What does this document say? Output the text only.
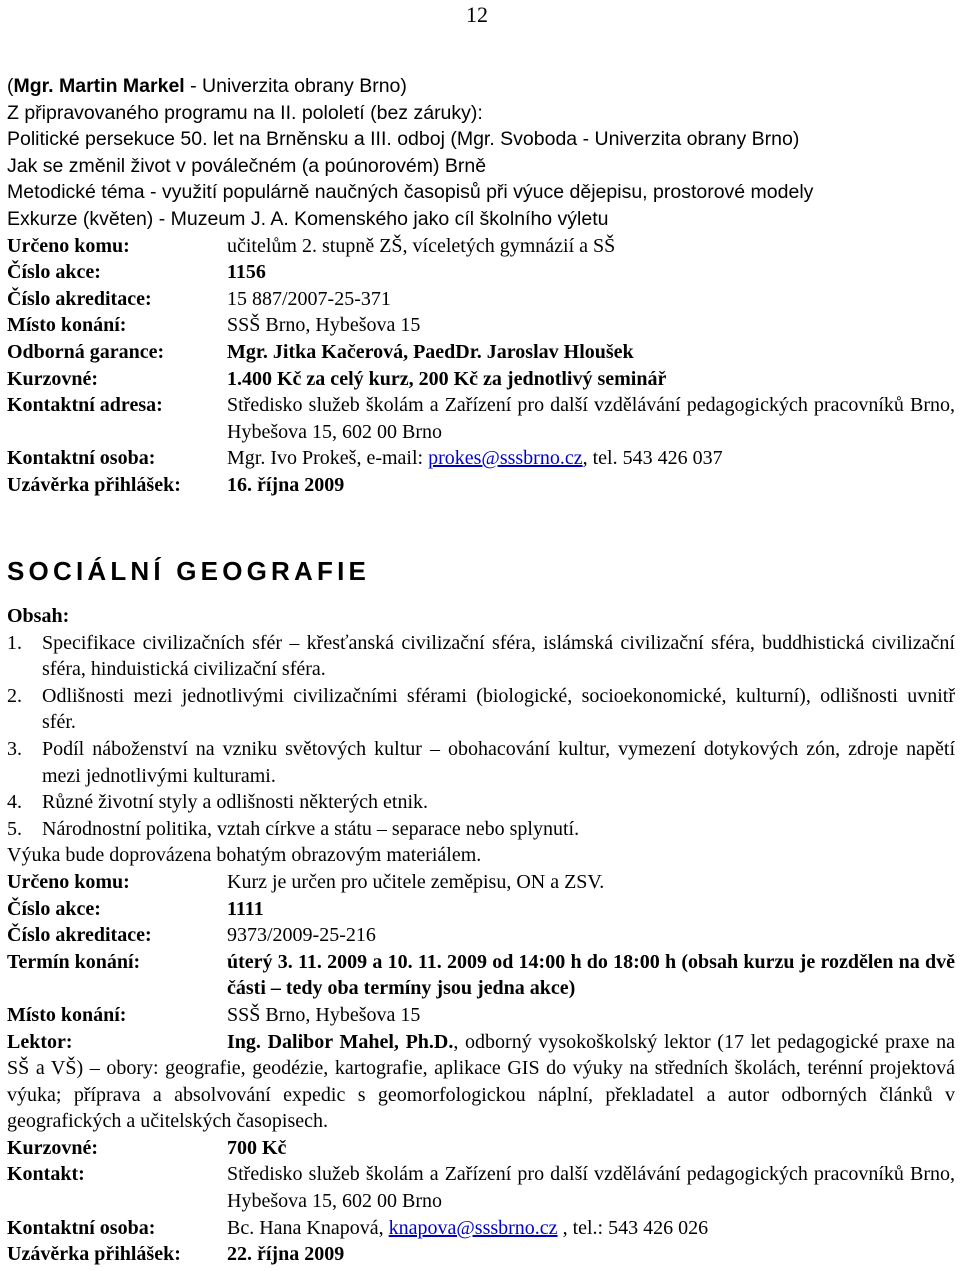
12
(Mgr. Martin Markel - Univerzita obrany Brno)
Z připravovaného programu na II. pololetí (bez záruky):
Politické persekuce 50. let na Brněnsku a III. odboj (Mgr. Svoboda - Univerzita obrany Brno)
Jak se změnil život v poválečném (a poúnorovém) Brně
Metodické téma - využití populárně naučných časopisů při výuce dějepisu, prostorové modely
Exkurze (květen) - Muzeum J. A. Komenského jako cíl školního výletu
Určeno komu:	učitelům 2. stupně ZŠ, víceletých gymnázií a SŠ
Číslo akce:	1156
Číslo akreditace:	15 887/2007-25-371
Místo konání:	SSŠ Brno, Hybešova 15
Odborná garance:	Mgr. Jitka Kačerová, PaedDr. Jaroslav Hloušek
Kurzovné:	1.400 Kč za celý kurz, 200 Kč za jednotlivý seminář
Kontaktní adresa:	Středisko služeb školám a Zařízení pro další vzdělávání pedagogických pracovníků Brno, Hybešova 15, 602 00 Brno
Kontaktní osoba:	Mgr. Ivo Prokeš, e-mail: prokes@sssbrno.cz, tel. 543 426 037
Uzávěrka přihlášek:	16. října 2009
SOCIÁLNÍ GEOGRAFIE
Obsah:
1.	Specifikace civilizačních sfér – křesťanská civilizační sféra, islámská civilizační sféra, buddhistická civilizační sféra, hinduistická civilizační sféra.
2.	Odlišnosti mezi jednotlivými civilizačními sférami (biologické, socioekonomické, kulturní), odlišnosti uvnitř sfér.
3.	Podíl náboženství na vzniku světových kultur – obohacování kultur, vymezení dotykových zón, zdroje napětí mezi jednotlivými kulturami.
4.	Různé životní styly a odlišnosti některých etnik.
5.	Národnostní politika, vztah církve a státu – separace nebo splynutí.
Výuka bude doprovázena bohatým obrazovým materiálem.
Určeno komu:	Kurz je určen pro učitele zeměpisu, ON a ZSV.
Číslo akce:	1111
Číslo akreditace:	9373/2009-25-216
Termín konání:	úterý 3. 11. 2009 a 10. 11. 2009 od 14:00 h do 18:00 h (obsah kurzu je rozdělen na dvě části – tedy oba termíny jsou jedna akce)
Místo konání:	SSŠ Brno, Hybešova 15
Lektor:	Ing. Dalibor Mahel, Ph.D., odborný vysokoškolský lektor (17 let pedagogické praxe na SŠ a VŠ) – obory: geografie, geodézie, kartografie, aplikace GIS do výuky na středních školách, terénní projektová výuka; příprava a absolvování expedic s geomorfologickou náplní, překladatel a autor odborných článků v geografických a učitelských časopisech.
Kurzovné:	700 Kč
Kontakt:	Středisko služeb školám a Zařízení pro další vzdělávání pedagogických pracovníků Brno, Hybešova 15, 602 00 Brno
Kontaktní osoba:	Bc. Hana Knapová, knapova@sssbrno.cz , tel.: 543 426 026
Uzávěrka přihlášek:	22. října 2009
